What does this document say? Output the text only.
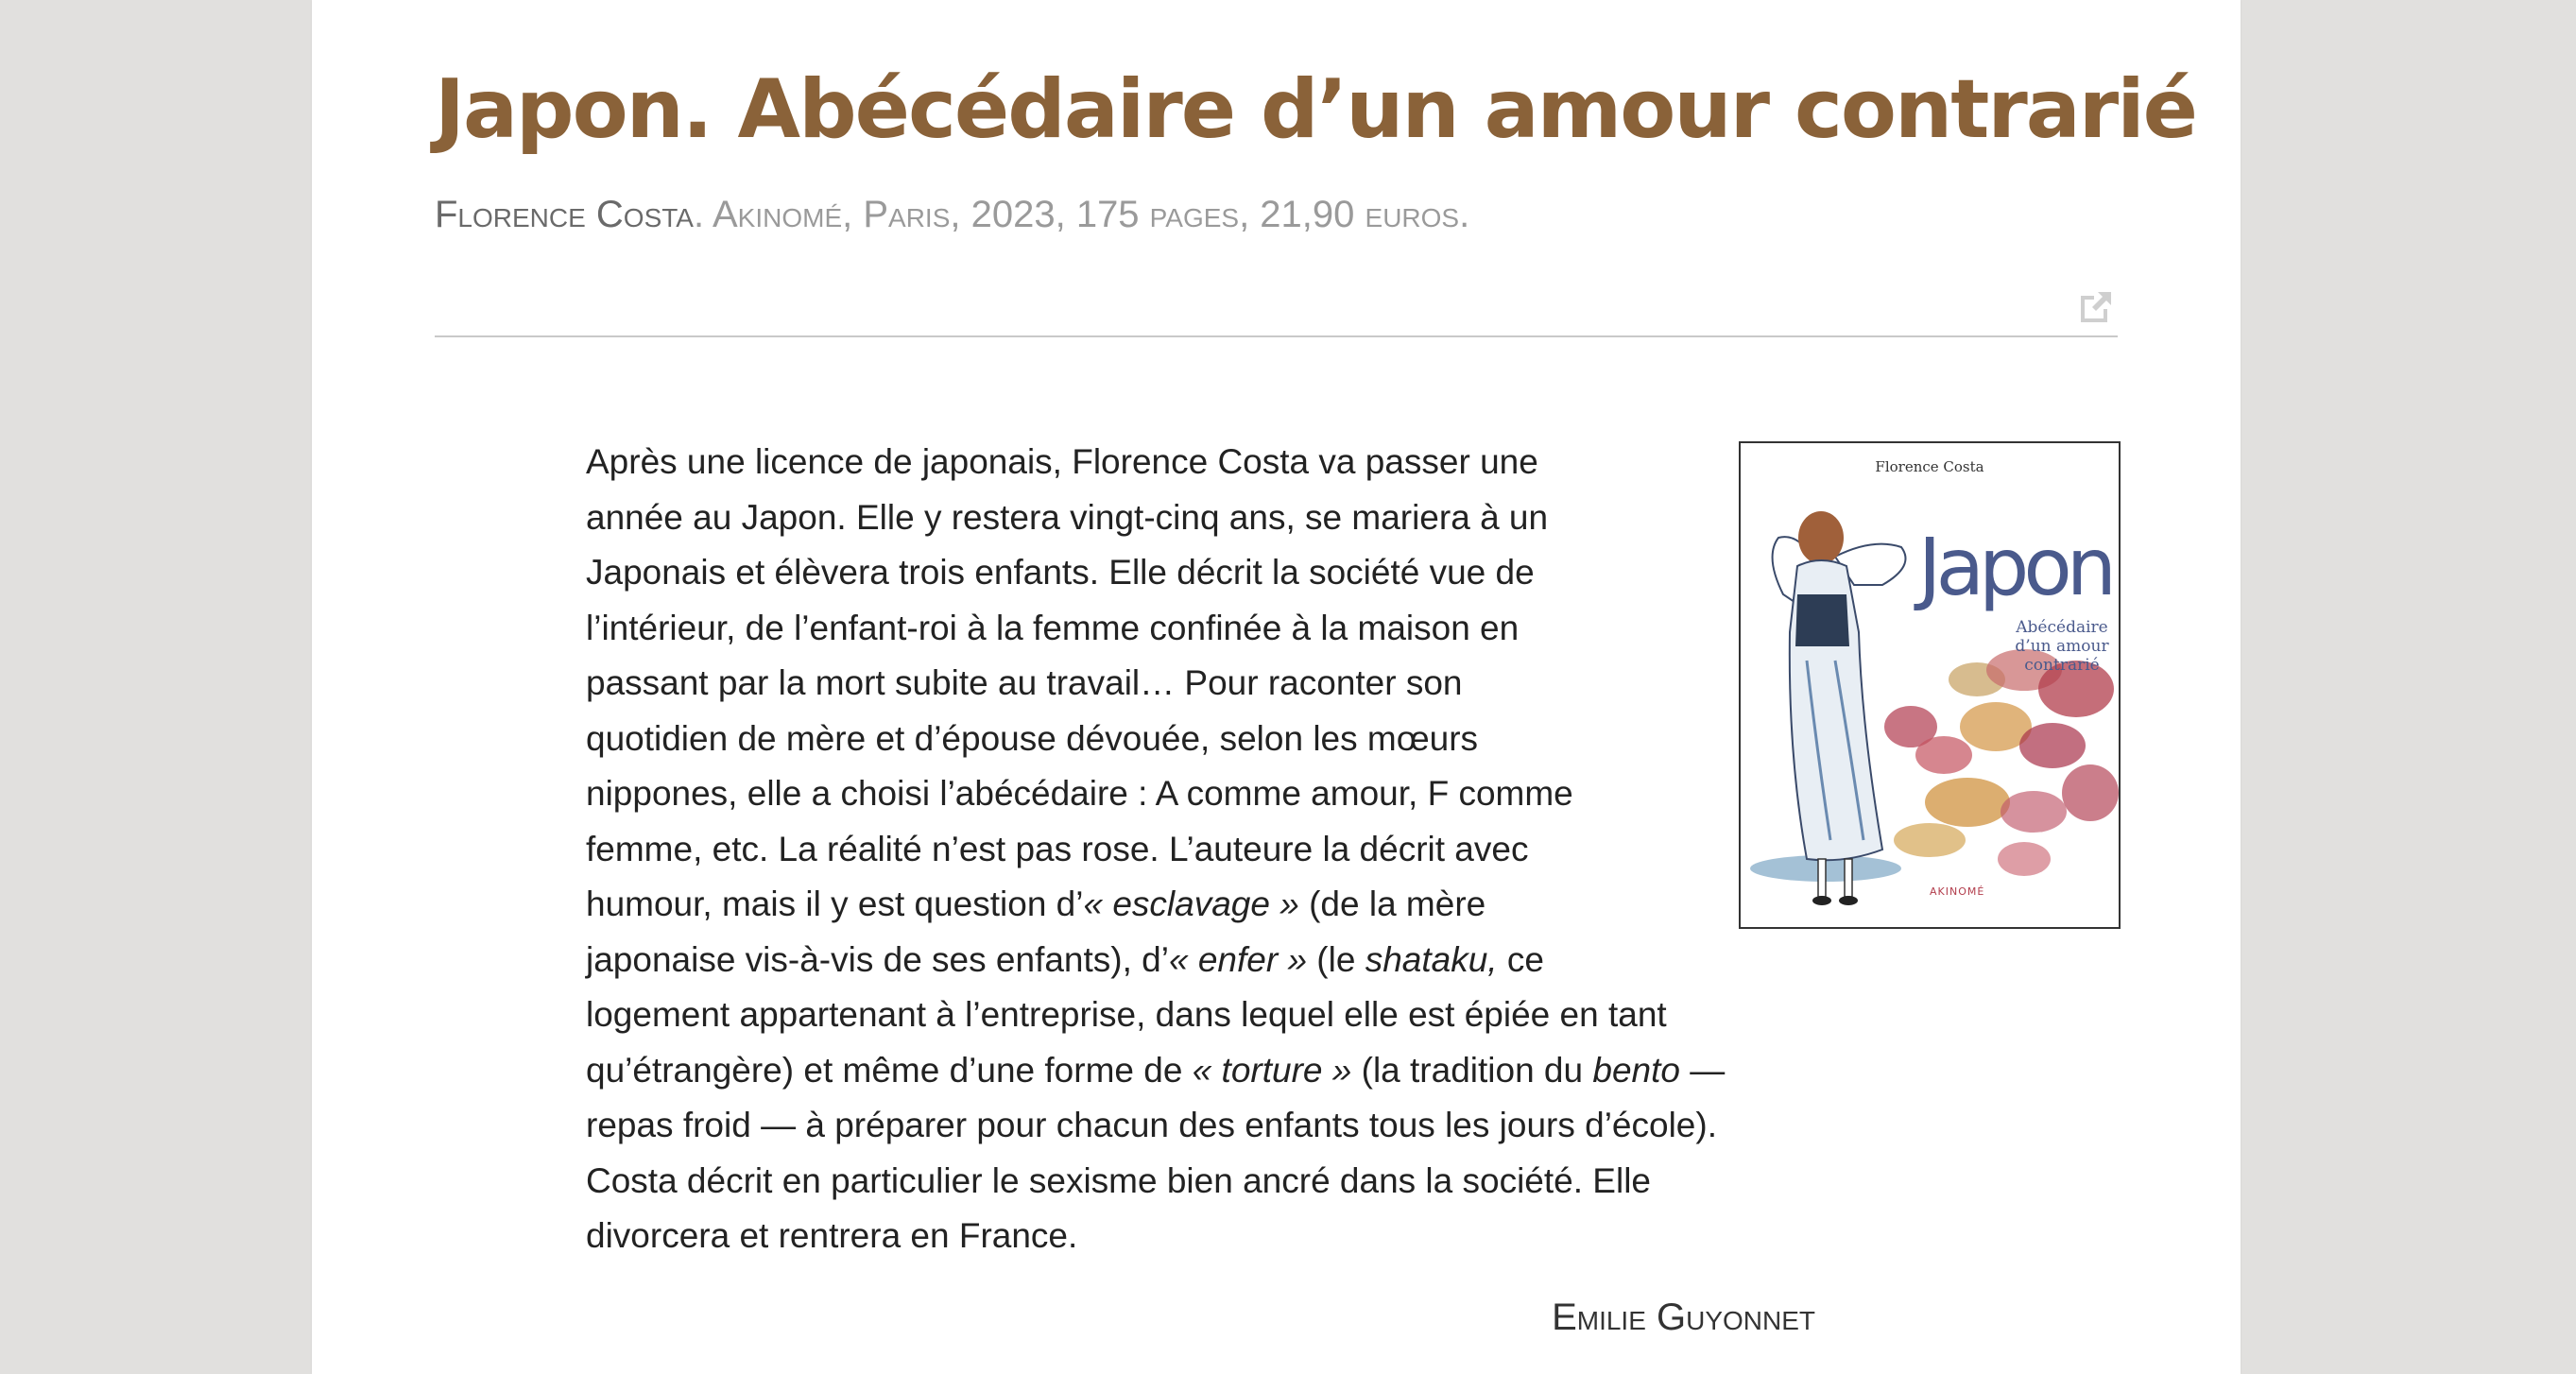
Japon. Abécédaire d’un amour contrarié
Florence Costa. Akinomé, Paris, 2023, 175 pages, 21,90 euros.
Après une licence de japonais, Florence Costa va passer une
année au Japon. Elle y restera vingt-cinq ans, se mariera à un
Japonais et élèvera trois enfants. Elle décrit la société vue de
l’intérieur, de l’enfant-roi à la femme confinée à la maison en
passant par la mort subite au travail… Pour raconter son
quotidien de mère et d’épouse dévouée, selon les mœurs
nippones, elle a choisi l’abécédaire : A comme amour, F comme
femme, etc. La réalité n’est pas rose. L’auteure la décrit avec
humour, mais il y est question d’« esclavage » (de la mère
japonaise vis-à-vis de ses enfants), d’« enfer » (le shataku, ce
logement appartenant à l’entreprise, dans lequel elle est épiée en tant
qu’étrangère) et même d’une forme de « torture » (la tradition du bento —
repas froid — à préparer pour chacun des enfants tous les jours d’école).
Costa décrit en particulier le sexisme bien ancré dans la société. Elle
divorcera et rentrera en France.
Emilie Guyonnet
Florence Costa
Japon
Abécédaire
d’un amour
contrarié
AKINOMÉ
